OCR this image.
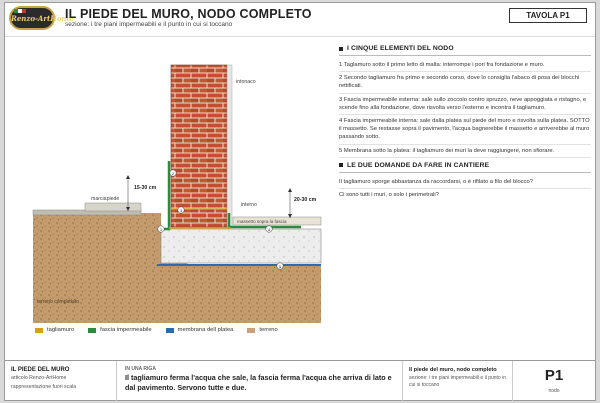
Renzo-ArtHome
IL PIEDE DEL MURO, NODO COMPLETO
sezione: i tre piani impermeabili e il punto in cui si toccano
TAVOLA P1
intonaco
marciapiede
interno
massetto sopra la fascia
15-30 cm
20-30 cm
terreno compattato
1
2
3
4
5
I CINQUE ELEMENTI DEL NODO
1 Taglamuro sotto il primo letto di malta: interrompe i pori fra fondazione e muro.
2 Secondo tagliamuro fra primo e secondo corso, dove lo consiglia l'abaco di posa dei blocchi rettificati.
3 Fascia impermeabile esterna: sale sullo zoccolo contro spruzzo, neve appoggiata e ristagno, e scende fino alla fondazione, dove risvolta verso l'esterno e incontra il tagliamuro.
4 Fascia impermeabile interna: sale dalla platea sul piede del muro e risvolta sulla platea. SOTTO il massetto. Se restasse sopra il pavimento, l'acqua bagnerebbe il massetto e arriverebbe al muro passando sotto.
5 Membrana sotto la platea: il tagliamuro dei muri la deve raggiungere, non sfiorare.
LE DUE DOMANDE DA FARE IN CANTIERE
Il tagliamuro sporge abbastanza da raccordarsi, o è rifilato a filo del blocco?
Ci sono tutti i muri, o solo i perimetrali?
tagliamuro	fascia impermeabile	membrana dell platea	terreno
IL PIEDE DEL MURO
articolo Renzo-ArtHome
rappresentazione fuori scala
IN UNA RIGA
Il tagliamuro ferma l'acqua che sale, la fascia ferma l'acqua che arriva di lato e dal pavimento. Servono tutte e due.
Il piede del muro, nodo completo
sezione: i tre piani impermeabili e il punto in cui si toccano
P1
nodo
